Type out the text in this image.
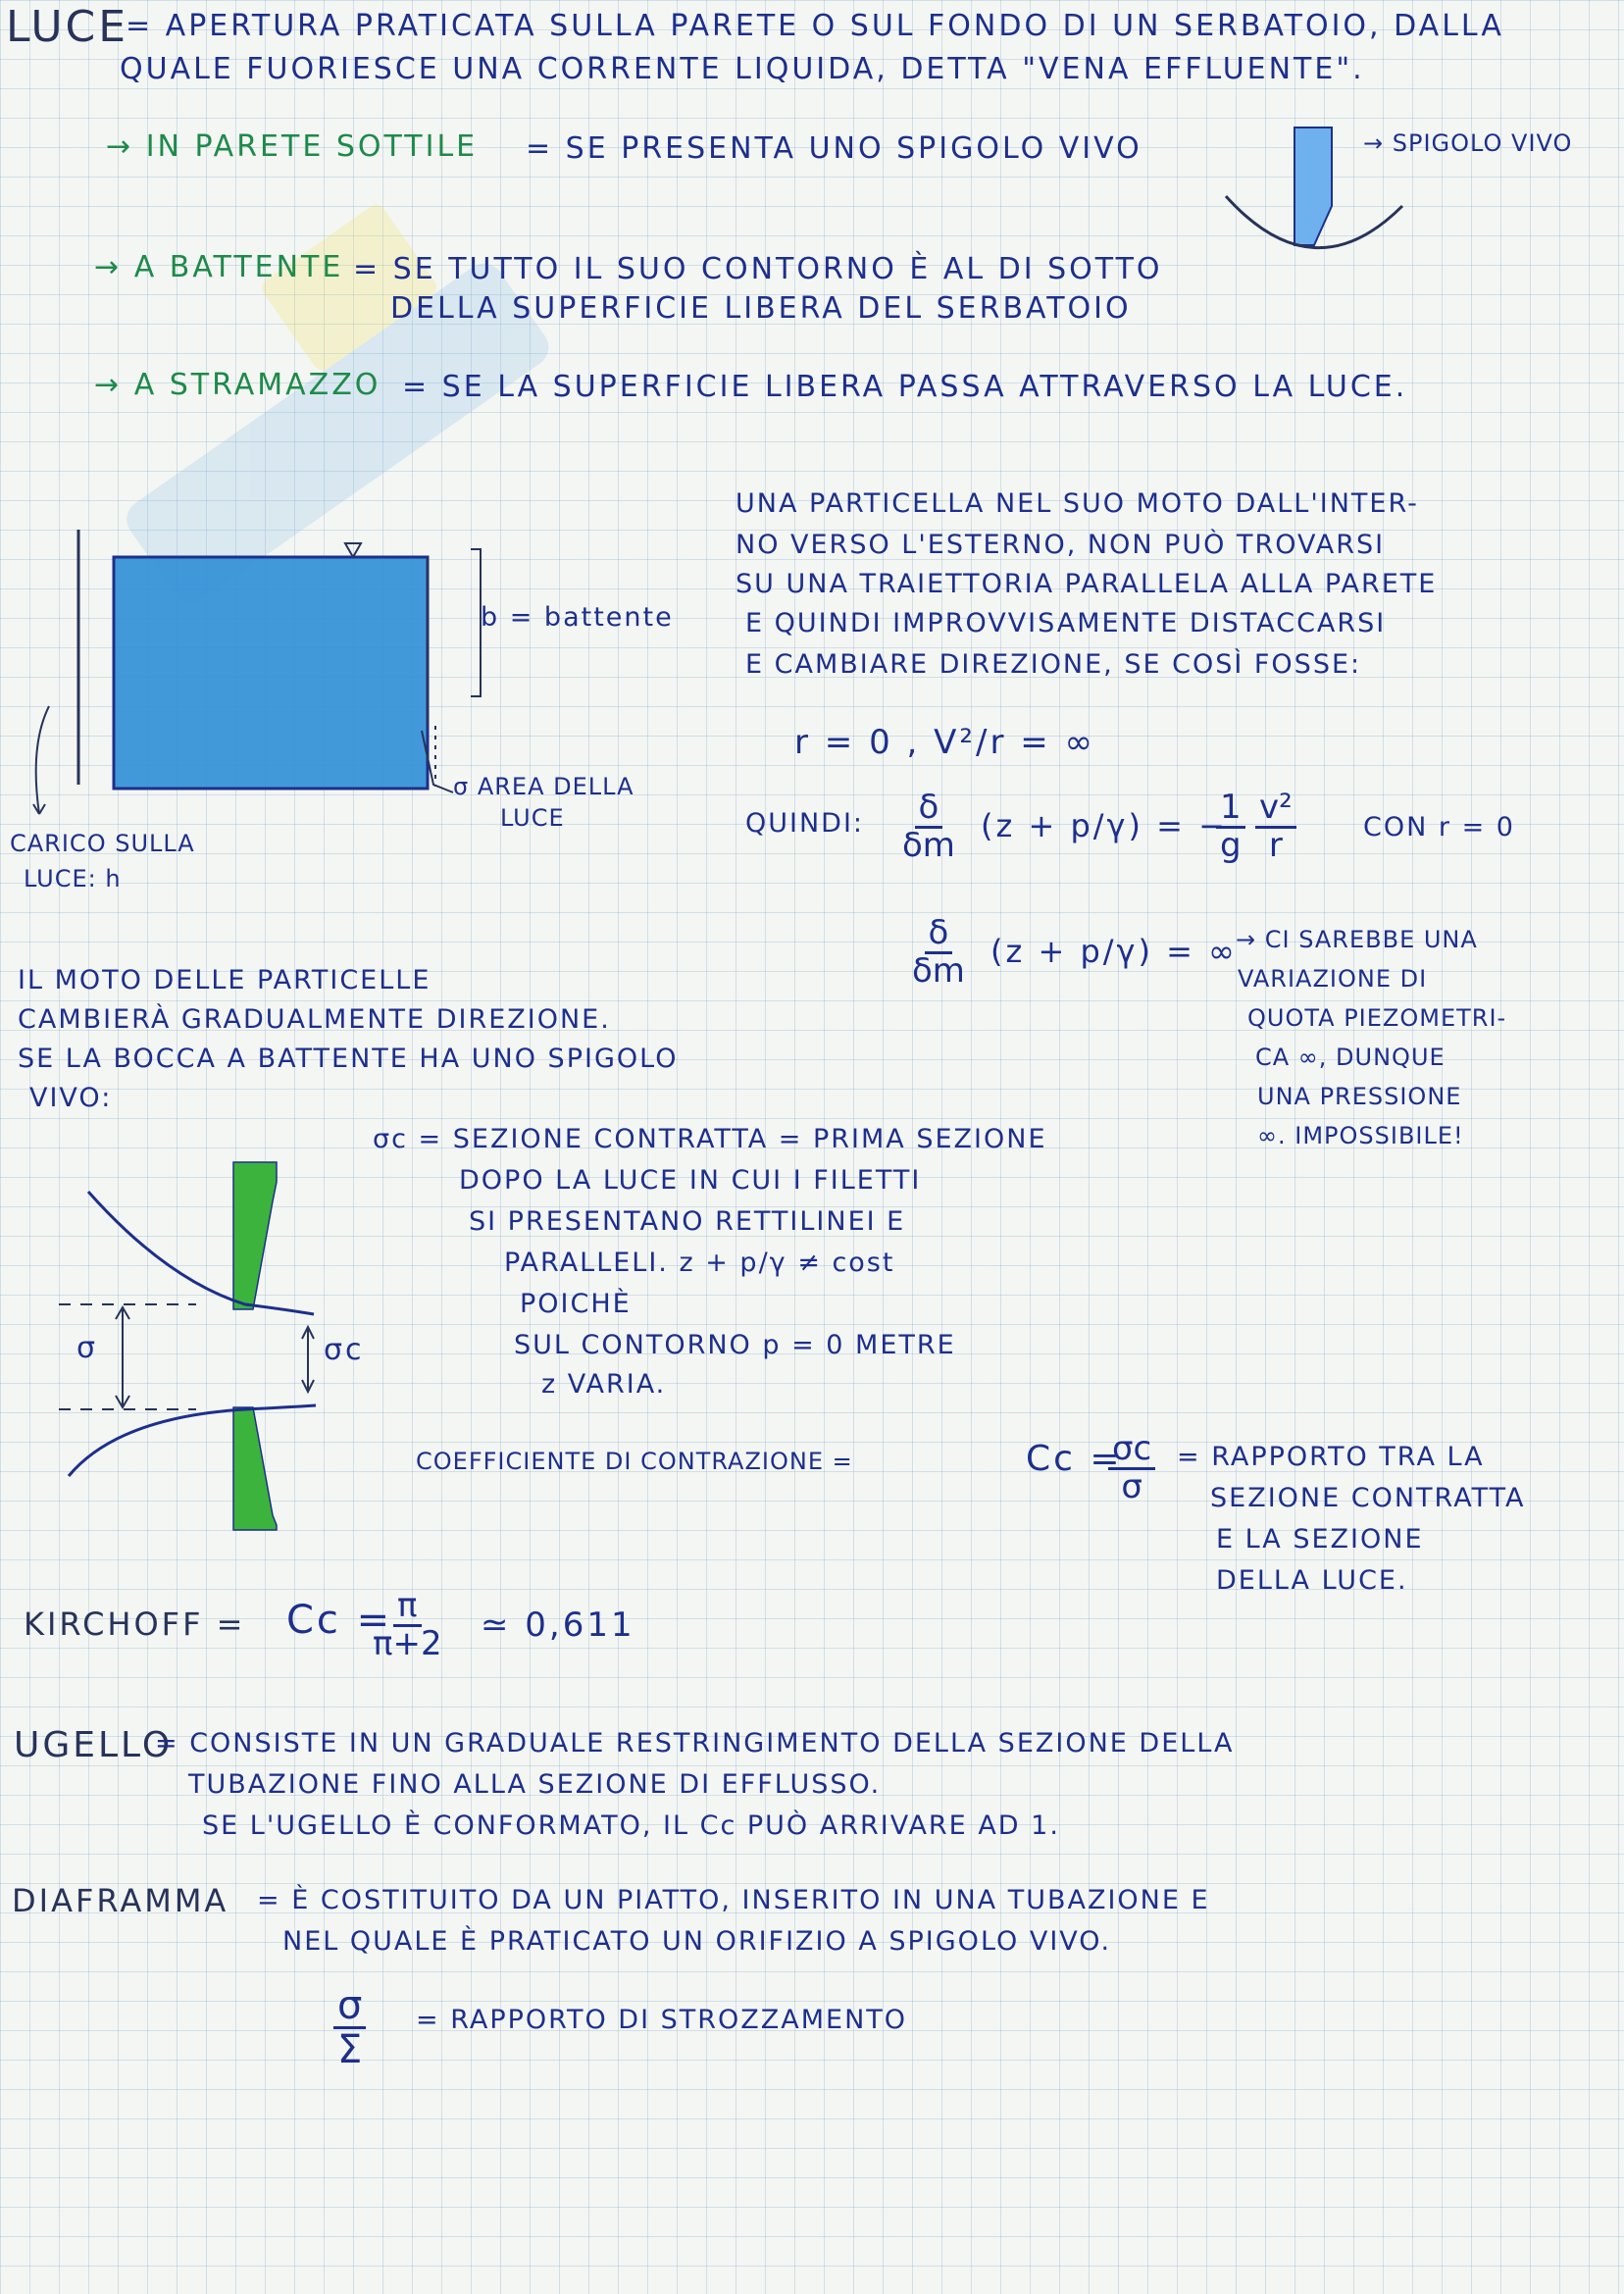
LUCE
= APERTURA PRATICATA SULLA PARETE O SUL FONDO DI UN SERBATOIO, DALLA
QUALE FUORIESCE UNA CORRENTE LIQUIDA, DETTA "VENA EFFLUENTE".
→ IN PARETE SOTTILE = SE PRESENTA UNO SPIGOLO VIVO
→ A BATTENTE = SE TUTTO IL SUO CONTORNO È AL DI SOTTO
DELLA SUPERFICIE LIBERA DEL SERBATOIO
→ A STRAMAZZO = SE LA SUPERFICIE LIBERA PASSA ATTRAVERSO LA LUCE.
→ SPIGOLO VIVO
b = battente
σ AREA DELLA
LUCE
CARICO SULLA
LUCE: h
UNA PARTICELLA NEL SUO MOTO DALL'INTER-
NO VERSO L'ESTERNO, NON PUÒ TROVARSI
SU UNA TRAIETTORIA PARALLELA ALLA PARETE
E QUINDI IMPROVVISAMENTE DISTACCARSI
E CAMBIARE DIREZIONE, SE COSÌ FOSSE:
r = 0 , V²/r = ∞
QUINDI: $\frac{\delta}{\delta m} (z + p/\gamma)$ = −
$\frac{1}{g} \frac{\text{v²}}{r}$	CON r = 0
$\frac{\delta}{\delta m} (z + p/\gamma)$ = ∞
→ CI SAREBBE UNA
VARIAZIONE DI
QUOTA PIEZOMETRI-
CA ∞, DUNQUE
UNA PRESSIONE
∞. IMPOSSIBILE!
IL MOTO DELLE PARTICELLE
CAMBIERÀ GRADUALMENTE DIREZIONE.
SE LA BOCCA A BATTENTE HA UNO SPIGOLO
VIVO:
σ	σc
σc = SEZIONE CONTRATTA = PRIMA SEZIONE
DOPO LA LUCE IN CUI I FILETTI
SI PRESENTANO RETTILINEI E
PARALLELI. z + p/γ ≠ cost
POICHÈ
SUL CONTORNO p = 0 METRE
z VARIA.
COEFFICIENTE DI CONTRAZIONE =	Cc =
$\frac{\sigma c}{\sigma}$ = RAPPORTO TRA LA
SEZIONE CONTRATTA
E LA SEZIONE
DELLA LUCE.
KIRCHOFF = Cc =
$\frac{\pi}{\pi+2}$ ≃ 0,611
UGELLO
= CONSISTE IN UN GRADUALE RESTRINGIMENTO DELLA SEZIONE DELLA
TUBAZIONE FINO ALLA SEZIONE DI EFFLUSSO.
SE L'UGELLO È CONFORMATO, IL Cc PUÒ ARRIVARE AD 1.
DIAFRAMMA = È COSTITUITO DA UN PIATTO, INSERITO IN UNA TUBAZIONE E
NEL QUALE È PRATICATO UN ORIFIZIO A SPIGOLO VIVO.
$\frac{\sigma}{\Sigma}$ = RAPPORTO DI STROZZAMENTO
